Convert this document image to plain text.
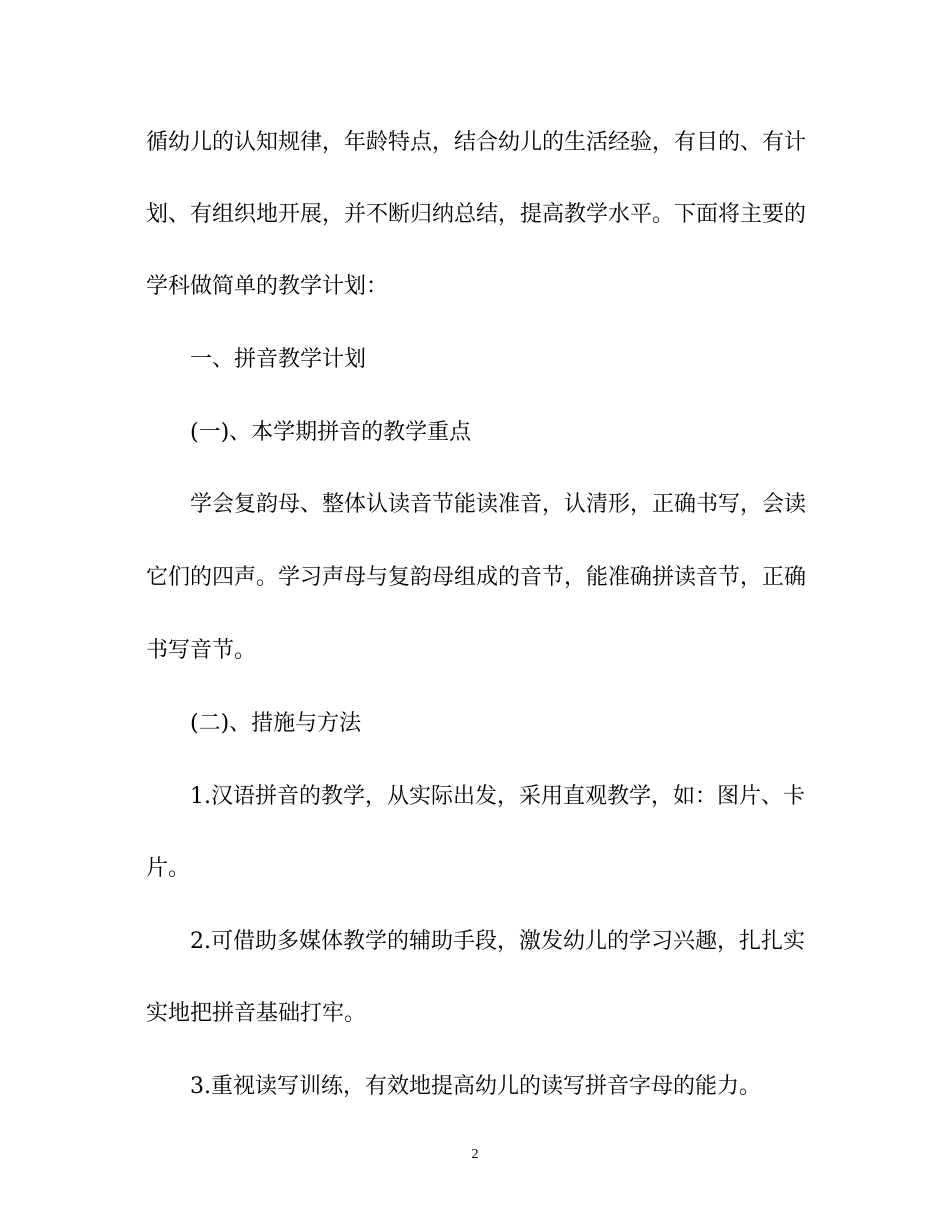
循幼儿的认知规律，年龄特点，结合幼儿的生活经验，有目的、有计
划、有组织地开展，并不断归纳总结，提高教学水平。下面将主要的
学科做简单的教学计划：
一、拼音教学计划
(一)、本学期拼音的教学重点
学会复韵母、整体认读音节能读准音，认清形，正确书写，会读
它们的四声。学习声母与复韵母组成的音节，能准确拼读音节，正确
书写音节。
(二)、措施与方法
1.汉语拼音的教学，从实际出发，采用直观教学，如：图片、卡
片。
2.可借助多媒体教学的辅助手段，激发幼儿的学习兴趣，扎扎实
实地把拼音基础打牢。
3.重视读写训练，有效地提高幼儿的读写拼音字母的能力。
2
